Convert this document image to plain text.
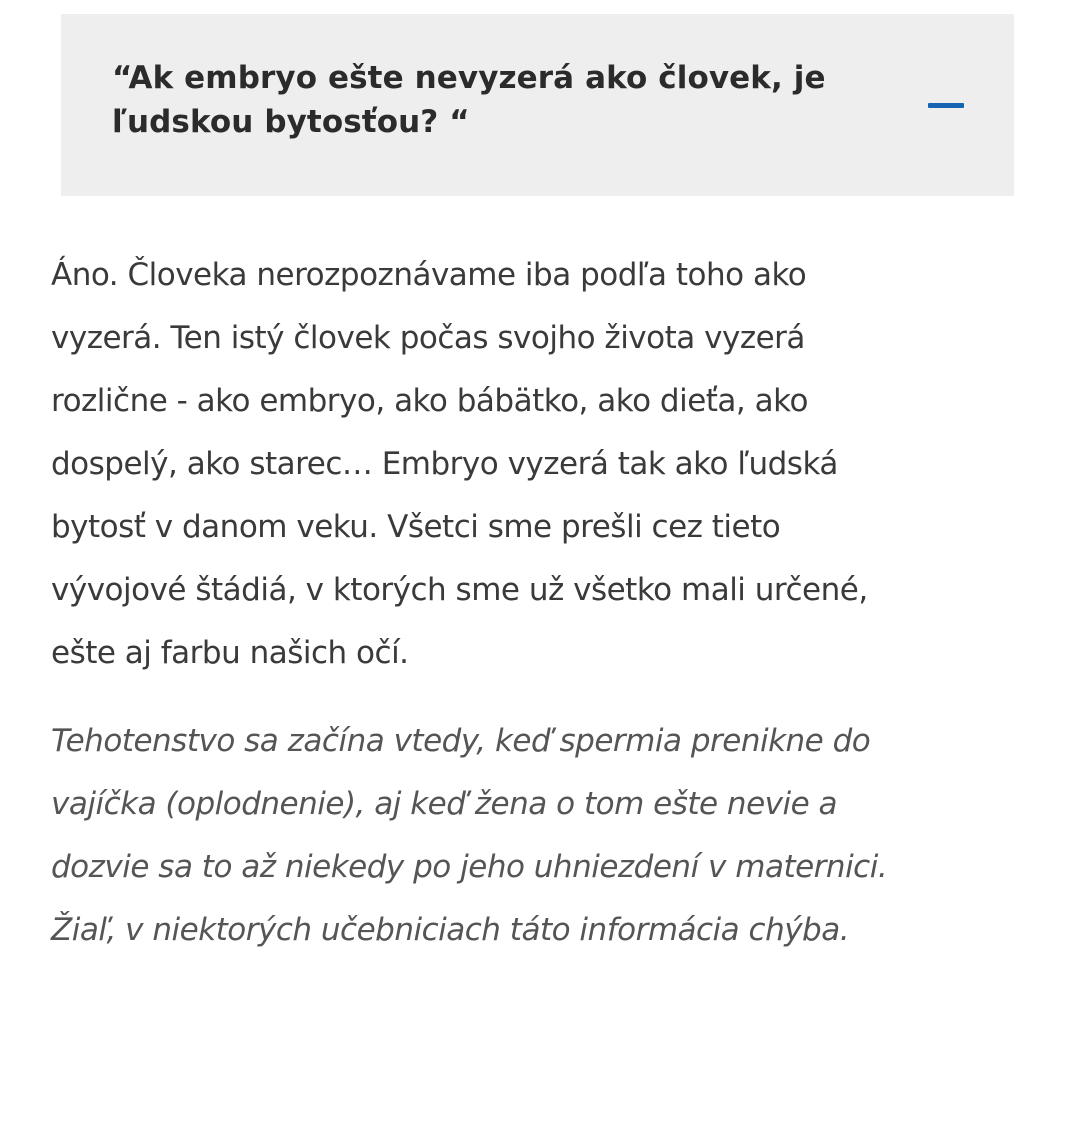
“Ak embryo ešte nevyzerá ako človek, je ľudskou bytosťou? “

Áno. Človeka nerozpoznávame iba podľa toho ako vyzerá. Ten istý človek počas svojho života vyzerá rozlične - ako embryo, ako bábätko, ako dieťa, ako dospelý, ako starec… Embryo vyzerá tak ako ľudská bytosť v danom veku. Všetci sme prešli cez tieto vývojové štádiá, v ktorých sme už všetko mali určené, ešte aj farbu našich očí.

Tehotenstvo sa začína vtedy, keď spermia prenikne do vajíčka (oplodnenie), aj keď žena o tom ešte nevie a dozvie sa to až niekedy po jeho uhniezdení v maternici. Žiaľ, v niektorých učebniciach táto informácia chýba.
